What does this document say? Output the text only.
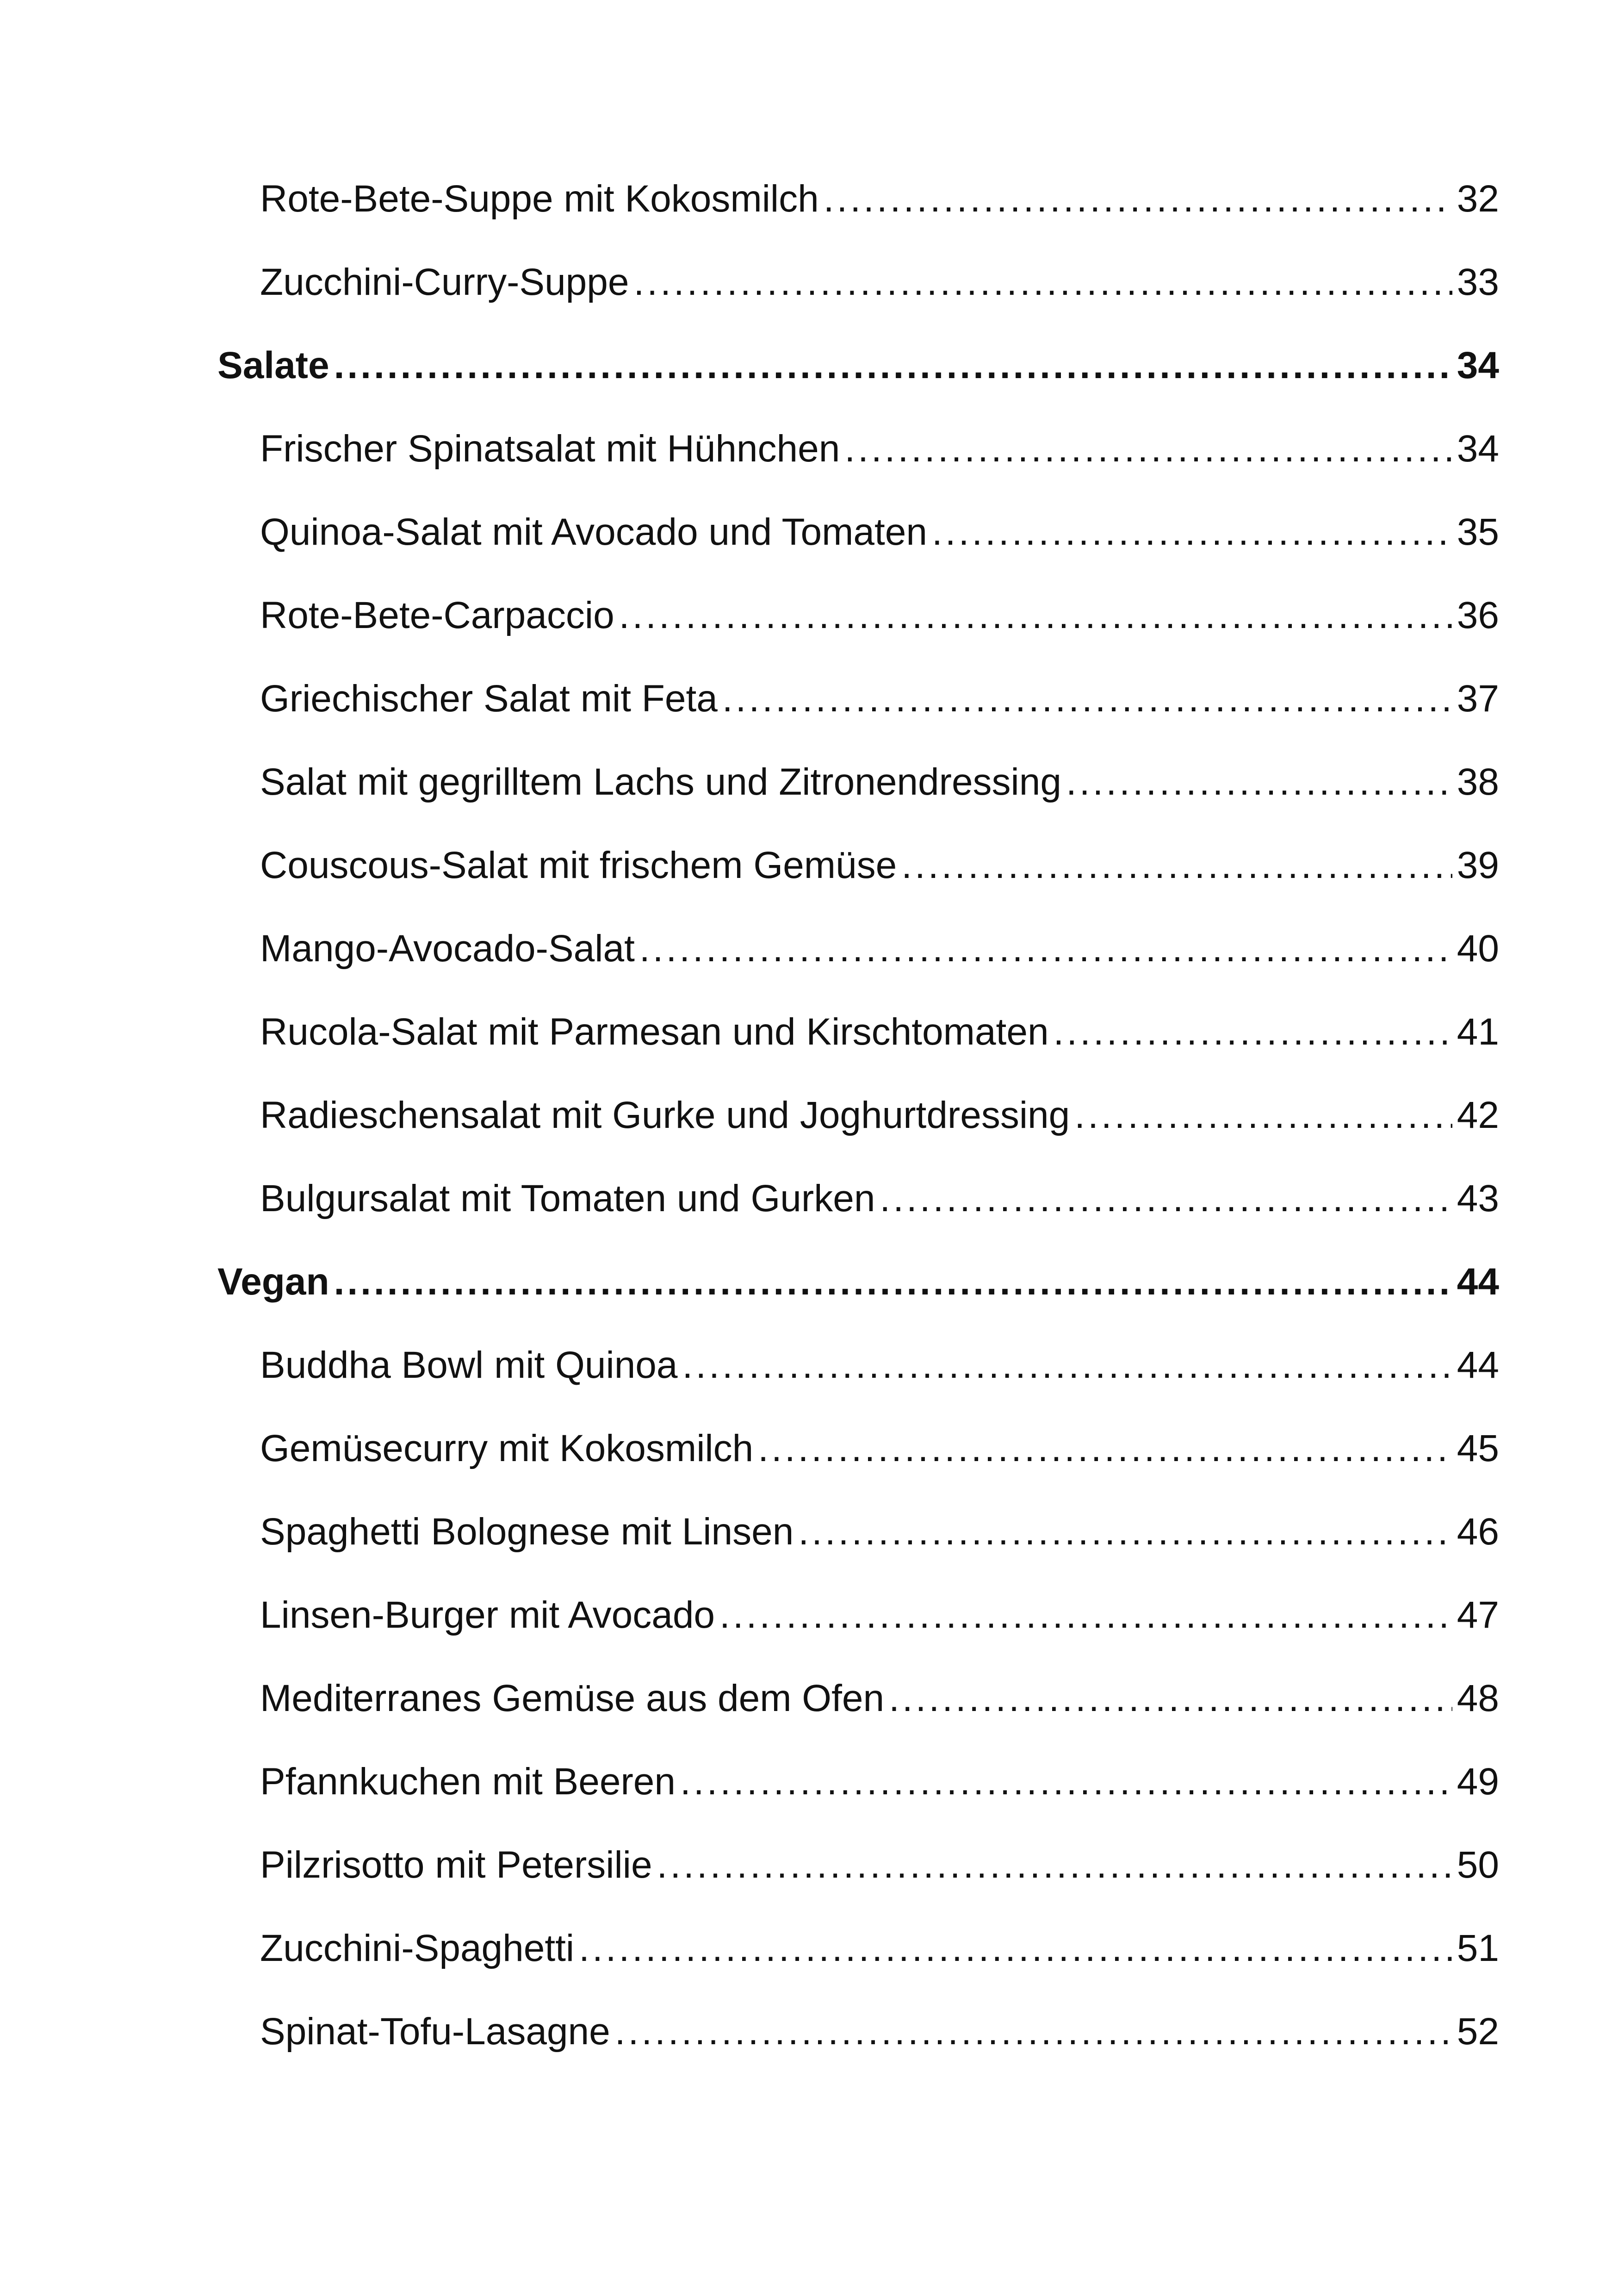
Rote-Bete-Suppe mit Kokosmilch .....	32
Zucchini-Curry-Suppe .....	33
Salate .....	34
Frischer Spinatsalat mit Hühnchen .....	34
Quinoa-Salat mit Avocado und Tomaten .....	35
Rote-Bete-Carpaccio .....	36
Griechischer Salat mit Feta .....	37
Salat mit gegrilltem Lachs und Zitronendressing .....	38
Couscous-Salat mit frischem Gemüse .....	39
Mango-Avocado-Salat .....	40
Rucola-Salat mit Parmesan und Kirschtomaten .....	41
Radieschensalat mit Gurke und Joghurtdressing .....	42
Bulgursalat mit Tomaten und Gurken .....	43
Vegan .....	44
Buddha Bowl mit Quinoa .....	44
Gemüsecurry mit Kokosmilch .....	45
Spaghetti Bolognese mit Linsen .....	46
Linsen-Burger mit Avocado .....	47
Mediterranes Gemüse aus dem Ofen .....	48
Pfannkuchen mit Beeren .....	49
Pilzrisotto mit Petersilie .....	50
Zucchini-Spaghetti .....	51
Spinat-Tofu-Lasagne .....	52
